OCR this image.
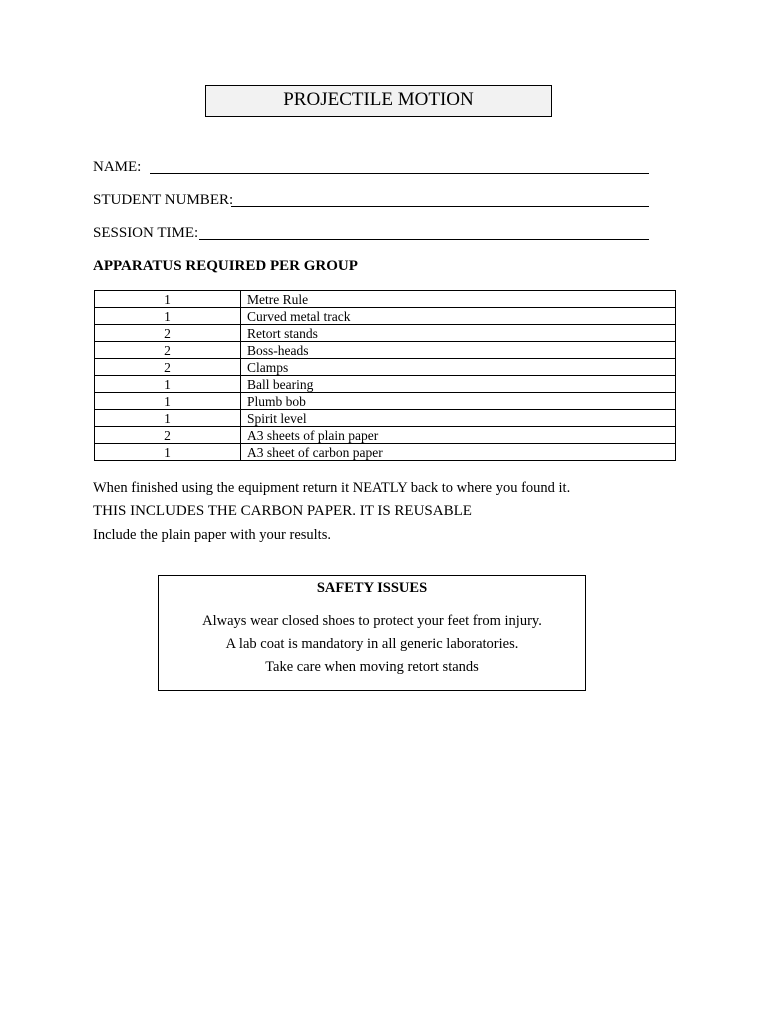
PROJECTILE MOTION
NAME:
STUDENT NUMBER:
SESSION TIME:
APPARATUS REQUIRED PER GROUP
1	Metre Rule
1	Curved metal track
2	Retort stands
2	Boss-heads
2	Clamps
1	Ball bearing
1	Plumb bob
1	Spirit level
2	A3 sheets of plain paper
1	A3 sheet of carbon paper
When finished using the equipment return it NEATLY back to where you found it.
THIS INCLUDES THE CARBON PAPER. IT IS REUSABLE
Include the plain paper with your results.
SAFETY ISSUES
Always wear closed shoes to protect your feet from injury.
A lab coat is mandatory in all generic laboratories.
Take care when moving retort stands
